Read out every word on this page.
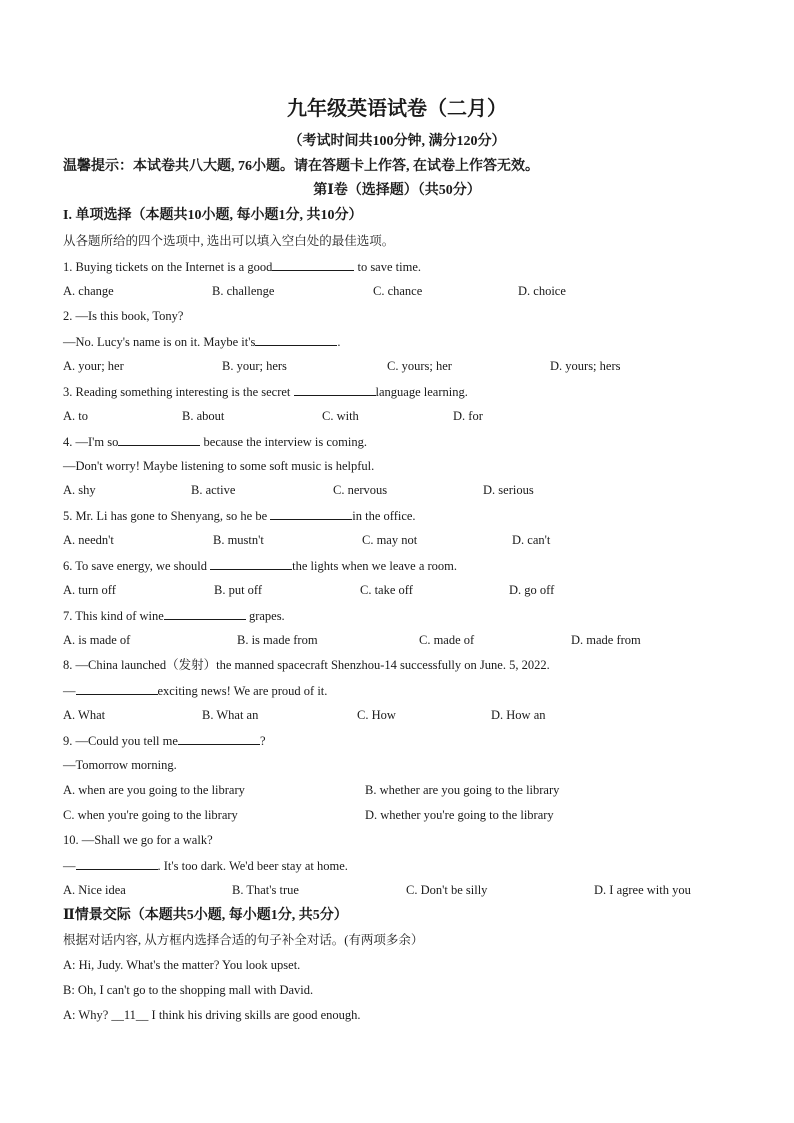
九年级英语试卷（二月）
（考试时间共100分钟, 满分120分）
温馨提示：本试卷共八大题, 76小题。请在答题卡上作答, 在试卷上作答无效。
第Ⅰ卷（选择题）（共50分）
I. 单项选择（本题共10小题, 每小题1分, 共10分）
从各题所给的四个选项中, 选出可以填入空白处的最佳选项。
1. Buying tickets on the Internet is a good	to save time.
A. change	B. challenge	C. chance	D. choice
2. —Is this book, Tony?
—No. Lucy's name is on it. Maybe it's	.
A. your; her	B. your; hers	C. yours; her	D. yours; hers
3. Reading something interesting is the secret	language learning.
A. to	B. about	C. with	D. for
4. —I'm so	because the interview is coming.
—Don't worry! Maybe listening to some soft music is helpful.
A. shy	B. active	C. nervous	D. serious
5. Mr. Li has gone to Shenyang, so he be	in the office.
A. needn't	B. mustn't	C. may not	D. can't
6. To save energy, we should	the lights when we leave a room.
A. turn off	B. put off	C. take off	D. go off
7. This kind of wine	grapes.
A. is made of	B. is made from	C. made of	D. made from
8. —China launched（发射）the manned spacecraft Shenzhou-14 successfully on June. 5, 2022.
—	exciting news! We are proud of it.
A. What	B. What an	C. How	D. How an
9. —Could you tell me	?
—Tomorrow morning.
A. when are you going to the library	B. whether are you going to the library
C. when you're going to the library	D. whether you're going to the library
10. —Shall we go for a walk?
—	. It's too dark. We'd beer stay at home.
A. Nice idea	B. That's true	C. Don't be silly	D. I agree with you
Ⅱ情景交际（本题共5小题, 每小题1分, 共5分）
根据对话内容, 从方框内选择合适的句子补全对话。(有两项多余）
A: Hi, Judy. What's the matter? You look upset.
B: Oh, I can't go to the shopping mall with David.
A: Why? __11__ I think his driving skills are good enough.
